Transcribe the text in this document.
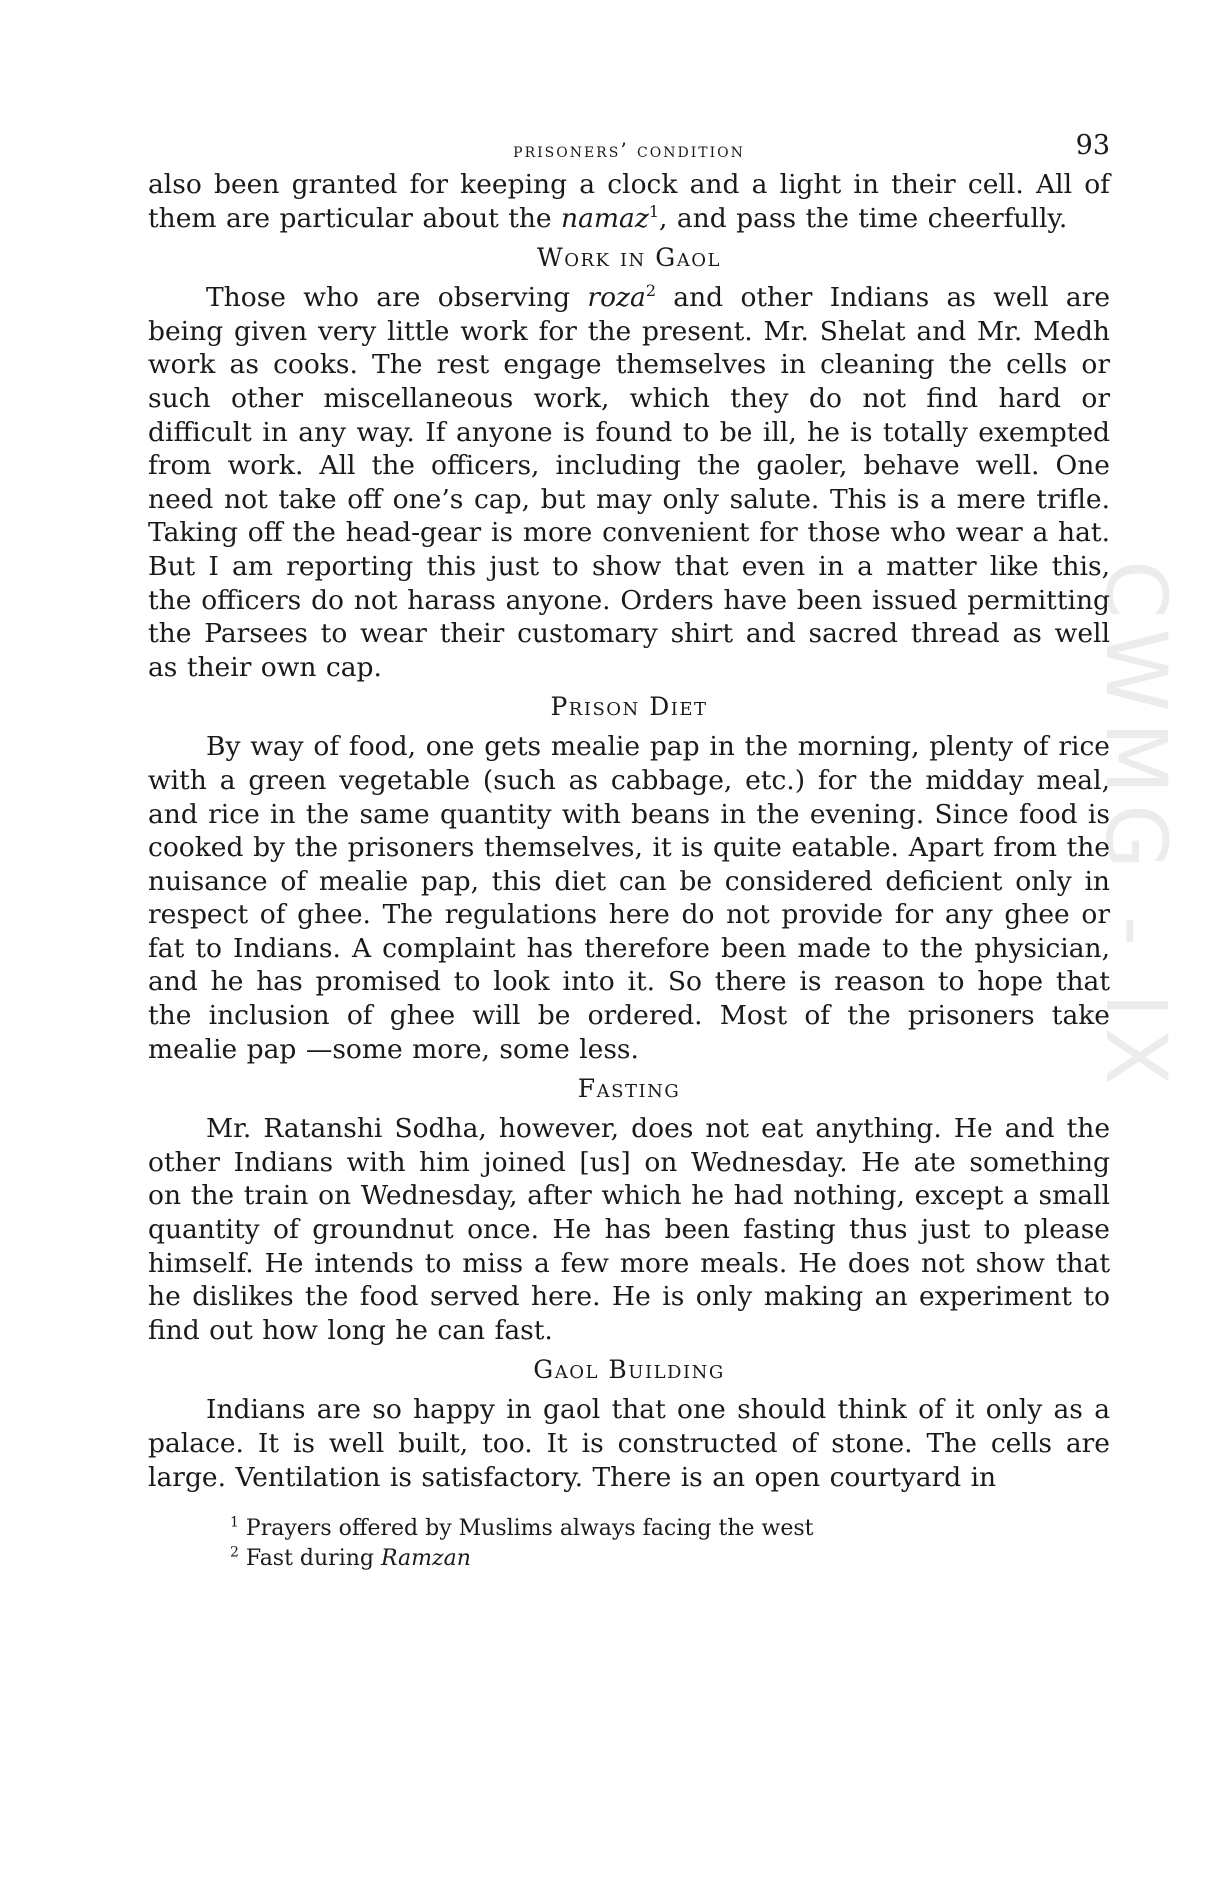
CWMG - IX
prisoners’ condition	93

also been granted for keeping a clock and a light in their cell. All of them are particular about the namaz$^1$, and pass the time cheerfully.

Work in Gaol

Those who are observing roza$^2$ and other Indians as well are being given very little work for the present. Mr. Shelat and Mr. Medh work as cooks. The rest engage themselves in cleaning the cells or such other miscellaneous work, which they do not find hard or difficult in any way. If anyone is found to be ill, he is totally exempted from work. All the officers, including the gaoler, behave well. One need not take off one’s cap, but may only salute. This is a mere trifle. Taking off the head-gear is more convenient for those who wear a hat. But I am reporting this just to show that even in a matter like this, the officers do not harass anyone. Orders have been issued permitting the Parsees to wear their customary shirt and sacred thread as well as their own cap.

Prison Diet

By way of food, one gets mealie pap in the morning, plenty of rice with a green vegetable (such as cabbage, etc.) for the midday meal, and rice in the same quantity with beans in the evening. Since food is cooked by the prisoners themselves, it is quite eatable. Apart from the nuisance of mealie pap, this diet can be considered deficient only in respect of ghee. The regulations here do not provide for any ghee or fat to Indians. A complaint has therefore been made to the physician, and he has promised to look into it. So there is reason to hope that the inclusion of ghee will be ordered. Most of the prisoners take mealie pap —some more, some less.

Fasting

Mr. Ratanshi Sodha, however, does not eat anything. He and the other Indians with him joined [us] on Wednesday. He ate something on the train on Wednesday, after which he had nothing, except a small quantity of groundnut once. He has been fasting thus just to please himself. He intends to miss a few more meals. He does not show that he dislikes the food served here. He is only making an experiment to find out how long he can fast.

Gaol Building

Indians are so happy in gaol that one should think of it only as a palace. It is well built, too. It is constructed of stone. The cells are large. Ventilation is satisfactory. There is an open courtyard in

$^1$ Prayers offered by Muslims always facing the west
$^2$ Fast during Ramzan
